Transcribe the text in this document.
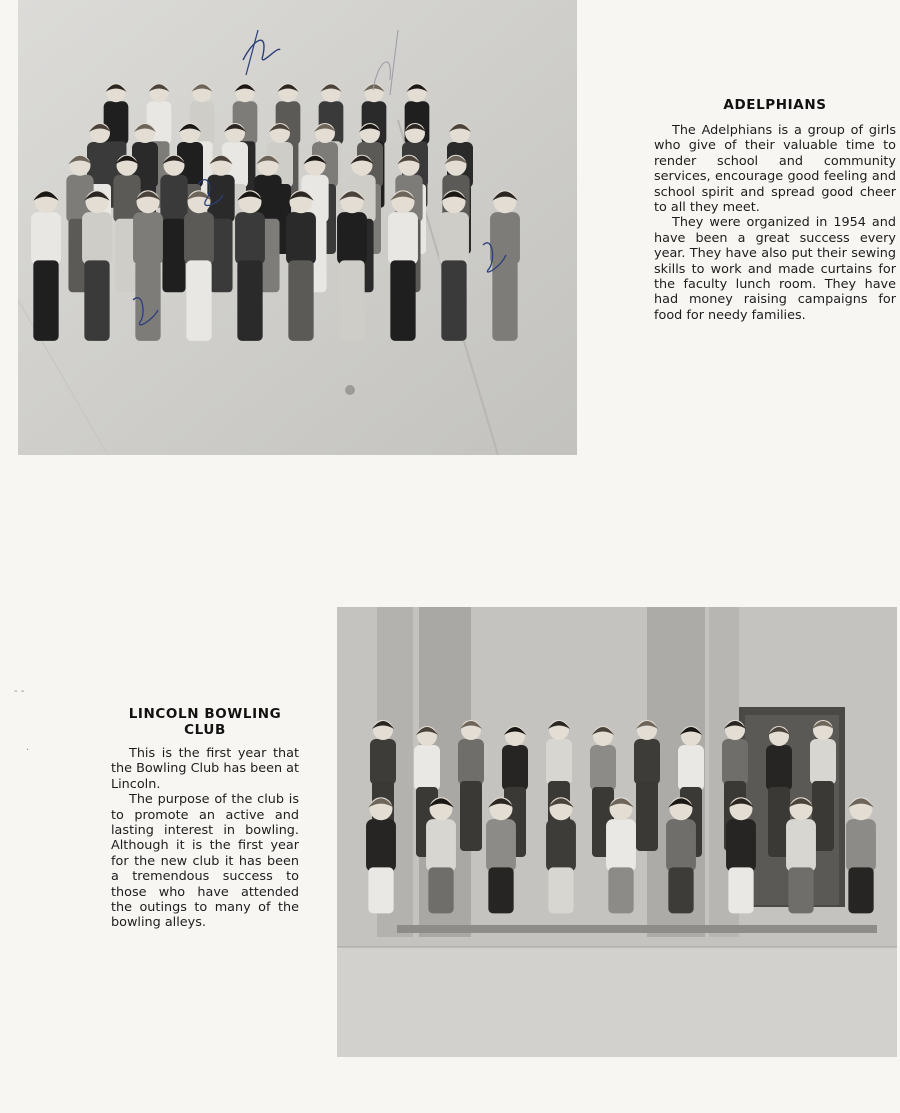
ADELPHIANS

The Adelphians is a group of girls who give of their valuable time to render school and community services, encourage good feeling and school spirit and spread good cheer to all they meet.

They were organized in 1954 and have been a great success every year. They have also put their sewing skills to work and made curtains for the faculty lunch room. They have had money raising campaigns for food for needy families.

LINCOLN BOWLING CLUB

This is the first year that the Bowling Club has been at Lincoln.

The purpose of the club is to promote an active and lasting interest in bowling. Although it is the first year for the new club it has been a tremendous success to those who have attended the outings to many of the bowling alleys.

- -
·
